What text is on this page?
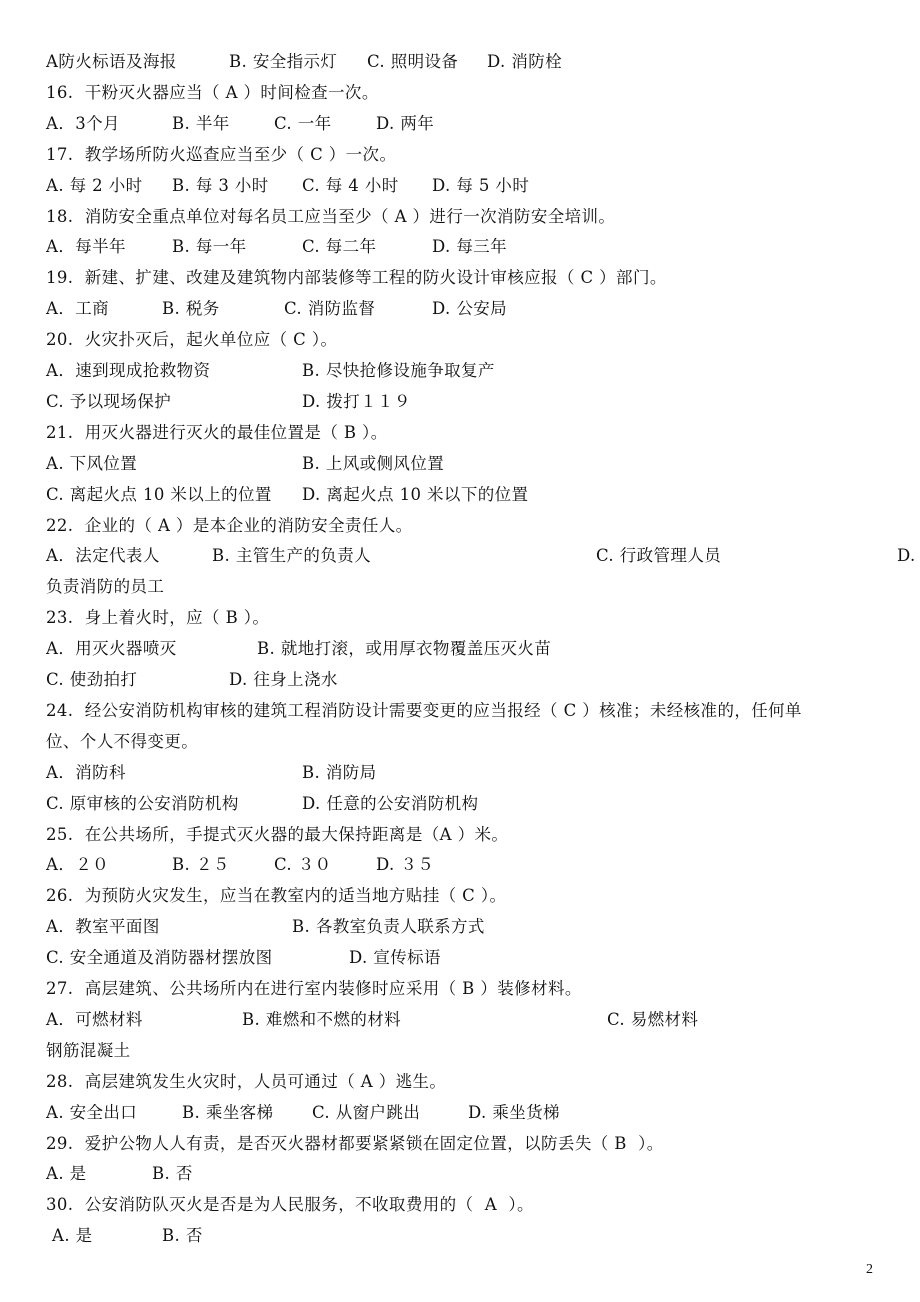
A防火标语及海报	B. 安全指示灯 C. 照明设备 D. 消防栓
16.  干粉灭火器应当（ A ）时间检查一次。
A．3个月	B. 半年	C. 一年	D. 两年
17.  教学场所防火巡查应当至少（ C ）一次。
A. 每 2 小时 B. 每 3 小时 C. 每 4 小时 D. 每 5 小时
18.  消防安全重点单位对每名员工应当至少（ A ）进行一次消防安全培训。
A．每半年	B. 每一年	C. 每二年	D. 每三年
19.  新建、扩建、改建及建筑物内部装修等工程的防火设计审核应报（ C ）部门。
A．工商	B. 税务	C. 消防监督	D. 公安局
20.  火灾扑灭后，起火单位应（ C ）。
A．速到现成抢救物资	B. 尽快抢修设施争取复产
C. 予以现场保护	D. 拨打１１９
21.  用灭火器进行灭火的最佳位置是（ B ）。
A. 下风位置	B. 上风或侧风位置
C. 离起火点 10 米以上的位置 D. 离起火点 10 米以下的位置
22.  企业的（ A ）是本企业的消防安全责任人。
A．法定代表人	B. 主管生产的负责人	C. 行政管理人员	D.
负责消防的员工
23.  身上着火时，应（ B ）。
A．用灭火器喷灭	B. 就地打滚，或用厚衣物覆盖压灭火苗
C. 使劲拍打	D. 往身上浇水
24.  经公安消防机构审核的建筑工程消防设计需要变更的应当报经（ C ）核准；未经核准的，任何单
位、个人不得变更。
A．消防科	B. 消防局
C. 原审核的公安消防机构	D. 任意的公安消防机构
25.  在公共场所，手提式灭火器的最大保持距离是（A ）米。
A．２０	B. ２５	C. ３０	D. ３５
26.  为预防火灾发生，应当在教室内的适当地方贴挂（ C ）。
A．教室平面图	B. 各教室负责人联系方式
C. 安全通道及消防器材摆放图	D. 宣传标语
27.  高层建筑、公共场所内在进行室内装修时应采用（ B ）装修材料。
A．可燃材料	B. 难燃和不燃的材料	C. 易燃材料
钢筋混凝土
28.  高层建筑发生火灾时，人员可通过（ A ）逃生。
A. 安全出口	B. 乘坐客梯 C. 从窗户跳出	D. 乘坐货梯
29.  爱护公物人人有责，是否灭火器材都要紧紧锁在固定位置，以防丢失（ B  ）。
A. 是	B. 否
30.  公安消防队灭火是否是为人民服务，不收取费用的（  A  ）。
A. 是	B. 否
2
